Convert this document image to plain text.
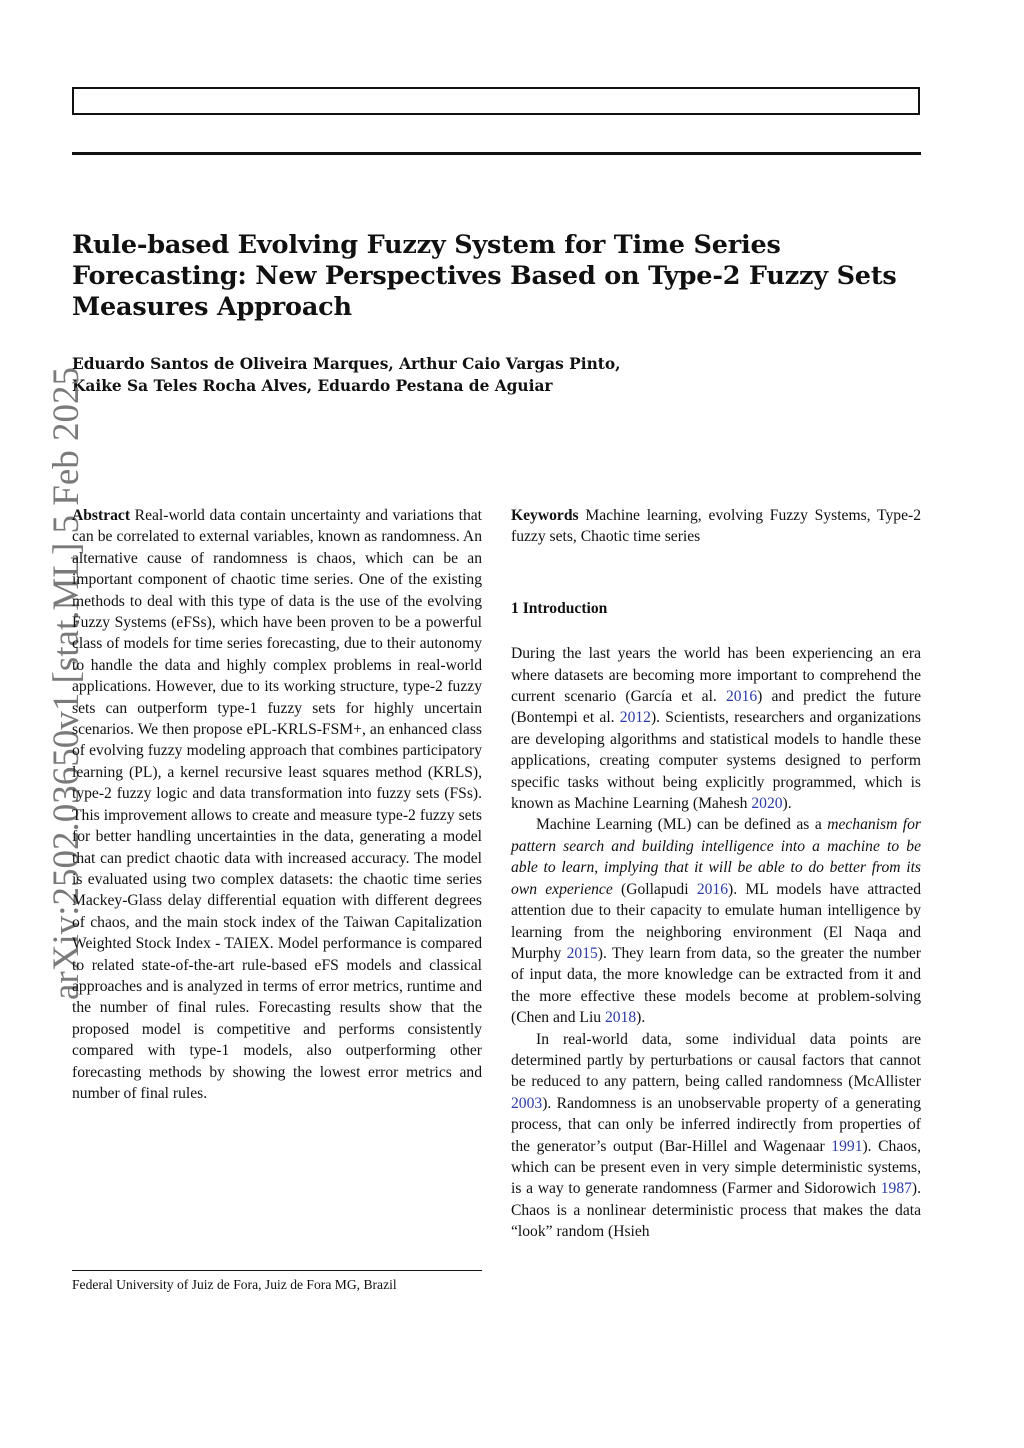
Rule-based Evolving Fuzzy System for Time Series Forecasting: New Perspectives Based on Type-2 Fuzzy Sets Measures Approach
Eduardo Santos de Oliveira Marques, Arthur Caio Vargas Pinto,
Kaike Sa Teles Rocha Alves, Eduardo Pestana de Aguiar
arXiv:2502.03650v1 [stat.ML] 5 Feb 2025

Abstract Real-world data contain uncertainty and variations that can be correlated to external variables, known as randomness. An alternative cause of randomness is chaos, which can be an important component of chaotic time series. One of the existing methods to deal with this type of data is the use of the evolving Fuzzy Systems (eFSs), which have been proven to be a powerful class of models for time series forecasting, due to their autonomy to handle the data and highly complex problems in real-world applications. However, due to its working structure, type-2 fuzzy sets can outperform type-1 fuzzy sets for highly uncertain scenarios. We then propose ePL-KRLS-FSM+, an enhanced class of evolving fuzzy modeling approach that combines participatory learning (PL), a kernel recursive least squares method (KRLS), type-2 fuzzy logic and data transformation into fuzzy sets (FSs). This improvement allows to create and measure type-2 fuzzy sets for better handling uncertainties in the data, generating a model that can predict chaotic data with increased accuracy. The model is evaluated using two complex datasets: the chaotic time series Mackey-Glass delay differential equation with different degrees of chaos, and the main stock index of the Taiwan Capitalization Weighted Stock Index - TAIEX. Model performance is compared to related state-of-the-art rule-based eFS models and classical approaches and is analyzed in terms of error metrics, runtime and the number of final rules. Forecasting results show that the proposed model is competitive and performs consistently compared with type-1 models, also outperforming other forecasting methods by showing the lowest error metrics and number of final rules.

Keywords Machine learning, evolving Fuzzy Systems, Type-2 fuzzy sets, Chaotic time series

1 Introduction

During the last years the world has been experiencing an era where datasets are becoming more important to comprehend the current scenario (García et al. 2016) and predict the future (Bontempi et al. 2012). Scientists, researchers and organizations are developing algorithms and statistical models to handle these applications, creating computer systems designed to perform specific tasks without being explicitly programmed, which is known as Machine Learning (Mahesh 2020).

Machine Learning (ML) can be defined as a mechanism for pattern search and building intelligence into a machine to be able to learn, implying that it will be able to do better from its own experience (Gollapudi 2016). ML models have attracted attention due to their capacity to emulate human intelligence by learning from the neighboring environment (El Naqa and Murphy 2015). They learn from data, so the greater the number of input data, the more knowledge can be extracted from it and the more effective these models become at problem-solving (Chen and Liu 2018).

In real-world data, some individual data points are determined partly by perturbations or causal factors that cannot be reduced to any pattern, being called randomness (McAllister 2003). Randomness is an unobservable property of a generating process, that can only be inferred indirectly from properties of the generator’s output (Bar-Hillel and Wagenaar 1991). Chaos, which can be present even in very simple deterministic systems, is a way to generate randomness (Farmer and Sidorowich 1987). Chaos is a nonlinear deterministic process that makes the data “look” random (Hsieh

Federal University of Juiz de Fora, Juiz de Fora MG, Brazil
